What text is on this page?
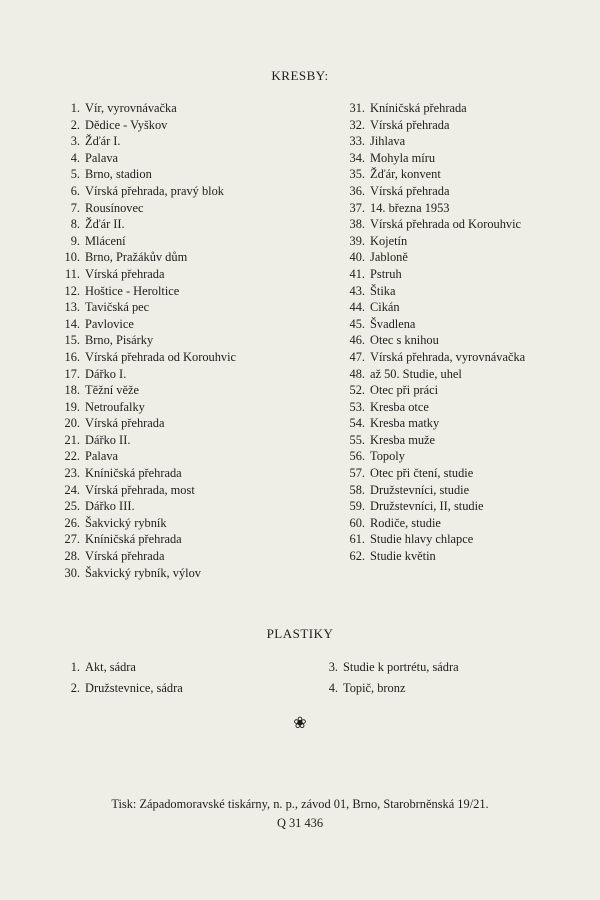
KRESBY:
1. Vír, vyrovnávačka
2. Dědice - Vyškov
3. Žďár I.
4. Palava
5. Brno, stadion
6. Vírská přehrada, pravý blok
7. Rousínovec
8. Žďár II.
9. Mlácení
10. Brno, Pražákův dům
11. Vírská přehrada
12. Hoštice - Heroltice
13. Tavičská pec
14. Pavlovice
15. Brno, Pisárky
16. Vírská přehrada od Korouhvic
17. Dářko I.
18. Těžní věže
19. Netroufalky
20. Vírská přehrada
21. Dářko II.
22. Palava
23. Kníničská přehrada
24. Vírská přehrada, most
25. Dářko III.
26. Šakvický rybník
27. Kníničská přehrada
28. Vírská přehrada
30. Šakvický rybník, výlov
31. Kníničská přehrada
32. Vírská přehrada
33. Jihlava
34. Mohyla míru
35. Žďár, konvent
36. Vírská přehrada
37. 14. března 1953
38. Vírská přehrada od Korouhvic
39. Kojetín
40. Jabloně
41. Pstruh
43. Štika
44. Cikán
45. Švadlena
46. Otec s knihou
47. Vírská přehrada, vyrovnávačka
48. až 50. Studie, uhel
52. Otec při práci
53. Kresba otce
54. Kresba matky
55. Kresba muže
56. Topoly
57. Otec při čtení, studie
58. Družstevníci, studie
59. Družstevníci, II, studie
60. Rodiče, studie
61. Studie hlavy chlapce
62. Studie květin
PLASTIKY
1. Akt, sádra
2. Družstevnice, sádra
3. Studie k portrétu, sádra
4. Topič, bronz
❀
Tisk: Západomoravské tiskárny, n. p., závod 01, Brno, Starobrněnská 19/21.
Q 31 436
